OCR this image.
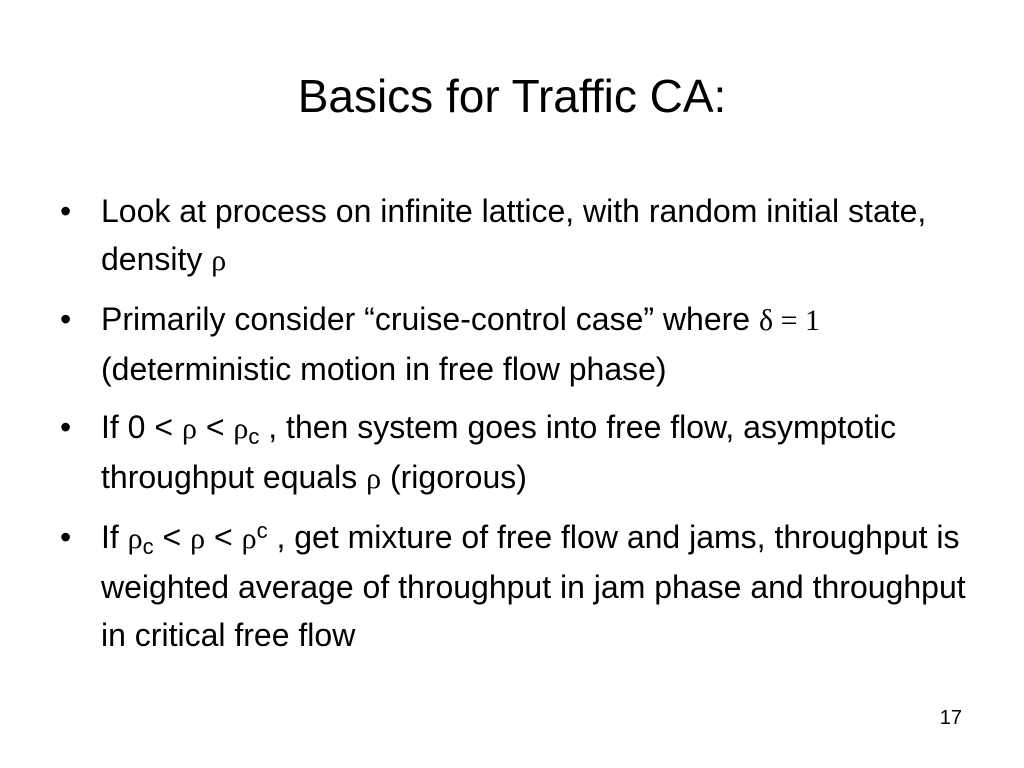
Basics for Traffic CA:
• Look at process on infinite lattice, with random initial state, density ρ
• Primarily consider “cruise-control case” where δ = 1 (deterministic motion in free flow phase)
• If $0 < \rho < \rho_c$ , then system goes into free flow, asymptotic throughput equals ρ (rigorous)
• If $\rho_c < \rho < \rho^c$ , get mixture of free flow and jams, throughput is weighted average of throughput in jam phase and throughput in critical free flow
17
